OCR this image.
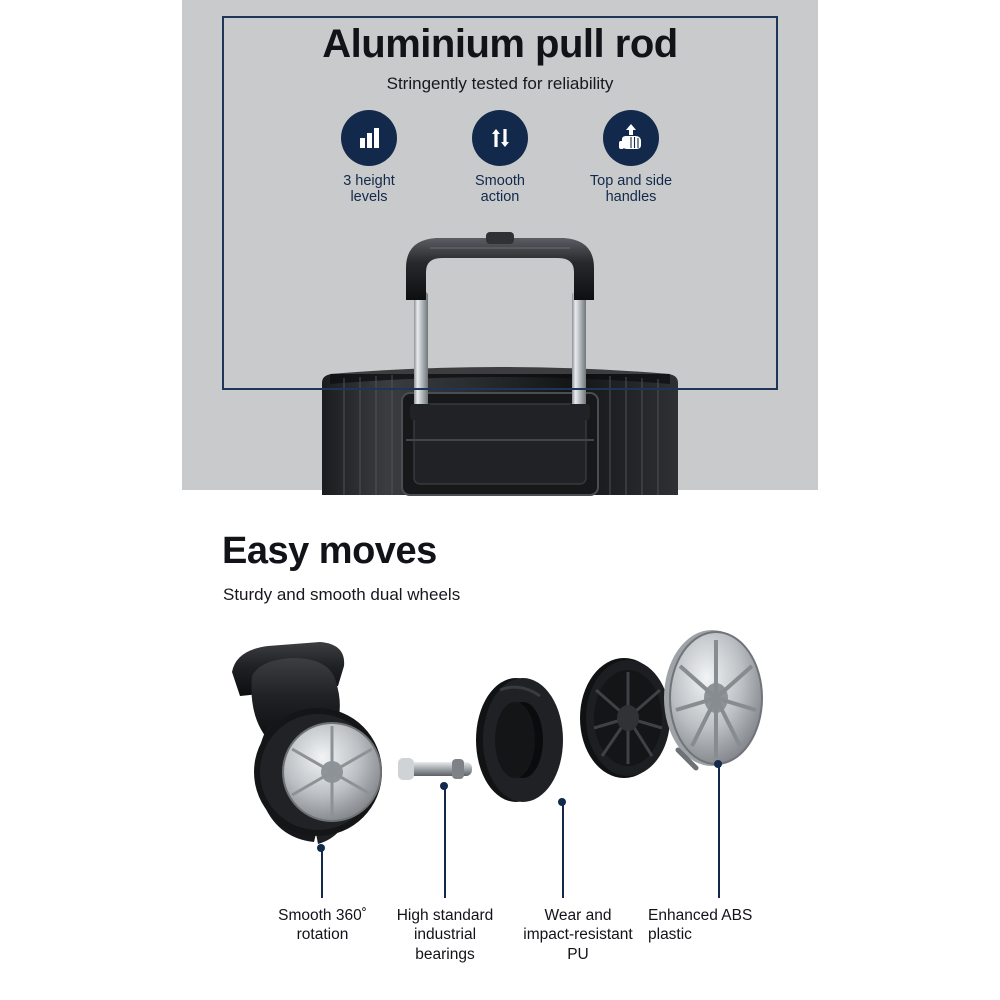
Aluminium pull rod
Stringently tested for reliability
3 height
levels
Smooth
action
Top and side
handles
Easy moves
Sturdy and smooth dual wheels
Smooth 360˚
rotation
High standard
industrial
bearings
Wear and
impact-resistant
PU
Enhanced ABS
plastic
